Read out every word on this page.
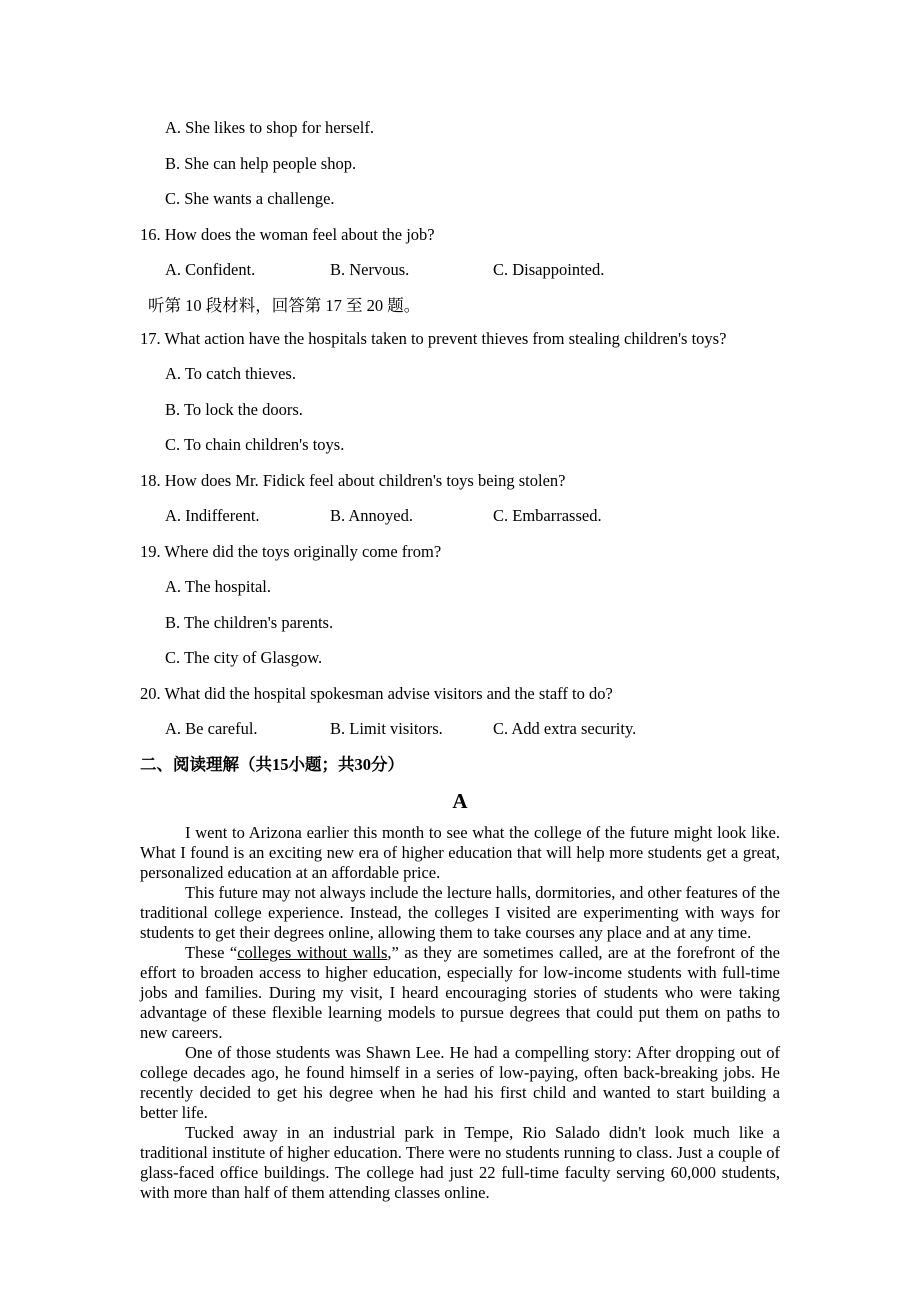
A. She likes to shop for herself.

B. She can help people shop.

C. She wants a challenge.

16. How does the woman feel about the job?

A. Confident.	B. Nervous.	C. Disappointed.

听第 10 段材料，回答第 17 至 20 题。

17. What action have the hospitals taken to prevent thieves from stealing children's toys?

A. To catch thieves.

B. To lock the doors.

C. To chain children's toys.

18. How does Mr. Fidick feel about children's toys being stolen?

A. Indifferent.	B. Annoyed.	C. Embarrassed.

19. Where did the toys originally come from?

A. The hospital.

B. The children's parents.

C. The city of Glasgow.

20. What did the hospital spokesman advise visitors and the staff to do?

A. Be careful.	B. Limit visitors.	C. Add extra security.

二、阅读理解（共15小题；共30分）

A

I went to Arizona earlier this month to see what the college of the future might look like. What I found is an exciting new era of higher education that will help more students get a great, personalized education at an affordable price.

This future may not always include the lecture halls, dormitories, and other features of the traditional college experience. Instead, the colleges I visited are experimenting with ways for students to get their degrees online, allowing them to take courses any place and at any time.

These “colleges without walls,” as they are sometimes called, are at the forefront of the effort to broaden access to higher education, especially for low-income students with full-time jobs and families. During my visit, I heard encouraging stories of students who were taking advantage of these flexible learning models to pursue degrees that could put them on paths to new careers.

One of those students was Shawn Lee. He had a compelling story: After dropping out of college decades ago, he found himself in a series of low-paying, often back-breaking jobs. He recently decided to get his degree when he had his first child and wanted to start building a better life.

Tucked away in an industrial park in Tempe, Rio Salado didn't look much like a traditional institute of higher education. There were no students running to class. Just a couple of glass-faced office buildings. The college had just 22 full-time faculty serving 60,000 students, with more than half of them attending classes online.
